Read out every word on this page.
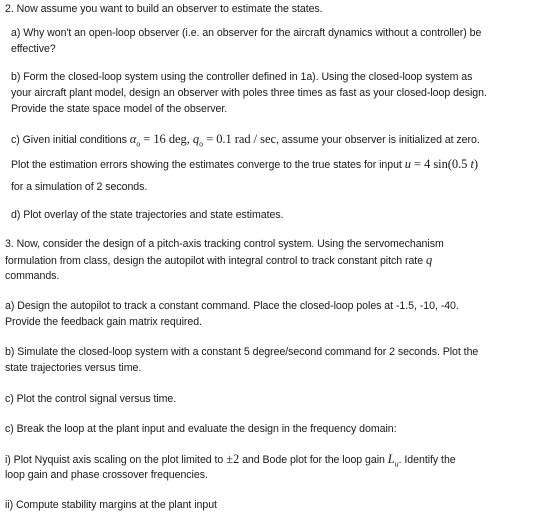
2. Now assume you want to build an observer to estimate the states.
a) Why won't an open-loop observer (i.e. an observer for the aircraft dynamics without a controller) be
effective?
b) Form the closed-loop system using the controller defined in 1a). Using the closed-loop system as
your aircraft plant model, design an observer with poles three times as fast as your closed-loop design.
Provide the state space model of the observer.
c) Given initial conditions $\alpha_o = 16$ deg, $q_o = 0.1$ rad / sec, assume your observer is initialized at zero.
Plot the estimation errors showing the estimates converge to the true states for input u = 4 sin(0.5 t)
for a simulation of 2 seconds.
d) Plot overlay of the state trajectories and state estimates.
3. Now, consider the design of a pitch-axis tracking control system. Using the servomechanism
formulation from class, design the autopilot with integral control to track constant pitch rate q
commands.
a) Design the autopilot to track a constant command. Place the closed-loop poles at -1.5, -10, -40.
Provide the feedback gain matrix required.
b) Simulate the closed-loop system with a constant 5 degree/second command for 2 seconds. Plot the
state trajectories versus time.
c) Plot the control signal versus time.
c) Break the loop at the plant input and evaluate the design in the frequency domain:
i) Plot Nyquist axis scaling on the plot limited to ±2 and Bode plot for the loop gain $L_u$. Identify the
loop gain and phase crossover frequencies.
ii) Compute stability margins at the plant input
